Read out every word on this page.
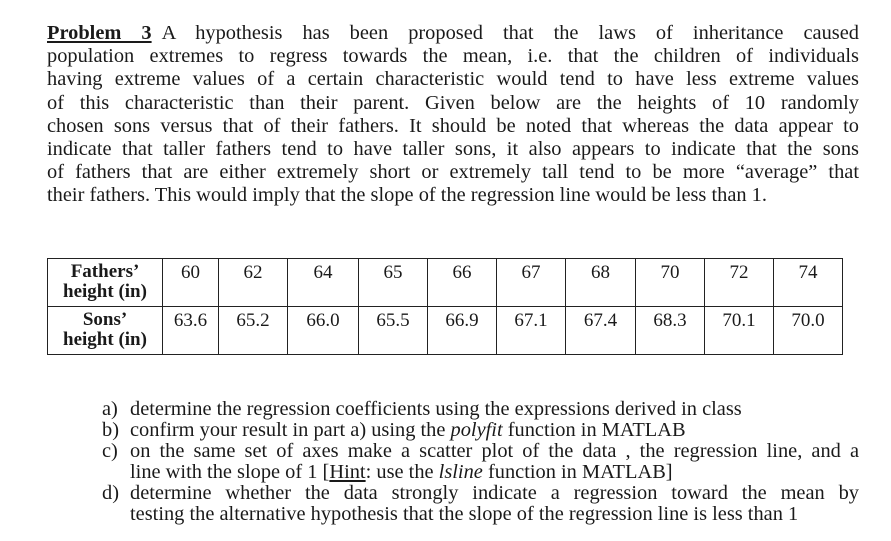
Problem 3 A hypothesis has been proposed that the laws of inheritance caused
population extremes to regress towards the mean, i.e. that the children of individuals
having extreme values of a certain characteristic would tend to have less extreme values
of this characteristic than their parent. Given below are the heights of 10 randomly
chosen sons versus that of their fathers. It should be noted that whereas the data appear to
indicate that taller fathers tend to have taller sons, it also appears to indicate that the sons
of fathers that are either extremely short or extremely tall tend to be more “average” that
their fathers. This would imply that the slope of the regression line would be less than 1.

Fathers’
height (in)	60	62	64	65	66	67	68	70	72	74

Sons’
height (in)	63.6	65.2	66.0	65.5	66.9	67.1	67.4	68.3	70.1	70.0
a) determine the regression coefficients using the expressions derived in class
b) confirm your result in part a) using the polyfit function in MATLAB
c) on the same set of axes make a scatter plot of the data , the regression line, and a
line with the slope of 1 [Hint: use the lsline function in MATLAB]
d) determine whether the data strongly indicate a regression toward the mean by
testing the alternative hypothesis that the slope of the regression line is less than 1
